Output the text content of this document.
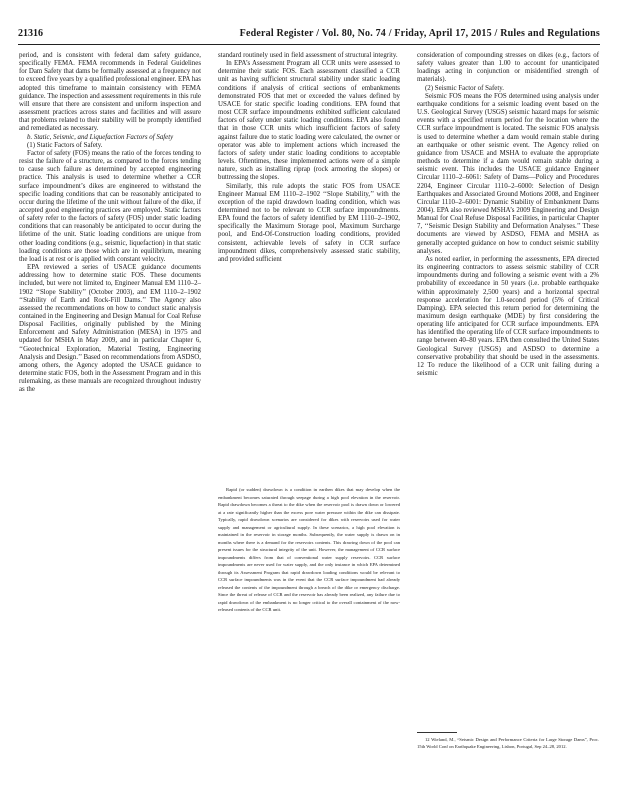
21316	Federal Register / Vol. 80, No. 74 / Friday, April 17, 2015 / Rules and Regulations

period, and is consistent with federal dam safety guidance, specifically FEMA. FEMA recommends in Federal Guidelines for Dam Safety that dams be formally assessed at a frequency not to exceed five years by a qualified professional engineer. EPA has adopted this timeframe to maintain consistency with FEMA guidance. The inspection and assessment requirements in this rule will ensure that there are consistent and uniform inspection and assessment practices across states and facilities and will assure that problems related to their stability will be promptly identified and remediated as necessary.

b. Static, Seismic, and Liquefaction Factors of Safety

(1) Static Factors of Safety.

Factor of safety (FOS) means the ratio of the forces tending to resist the failure of a structure, as compared to the forces tending to cause such failure as determined by accepted engineering practice. This analysis is used to determine whether a CCR surface impoundment’s dikes are engineered to withstand the specific loading conditions that can be reasonably anticipated to occur during the lifetime of the unit without failure of the dike, if accepted good engineering practices are employed. Static factors of safety refer to the factors of safety (FOS) under static loading conditions that can reasonably be anticipated to occur during the lifetime of the unit. Static loading conditions are unique from other loading conditions (e.g., seismic, liquefaction) in that static loading conditions are those which are in equilibrium, meaning the load is at rest or is applied with constant velocity.

EPA reviewed a series of USACE guidance documents addressing how to determine static FOS. These documents included, but were not limited to, Engineer Manual EM 1110–2–1902 ‘‘Slope Stability’’ (October 2003), and EM 1110–2–1902 ‘‘Stability of Earth and Rock-Fill Dams.’’ The Agency also assessed the recommendations on how to conduct static analysis contained in the Engineering and Design Manual for Coal Refuse Disposal Facilities, originally published by the Mining Enforcement and Safety Administration (MESA) in 1975 and updated for MSHA in May 2009, and in particular Chapter 6, ‘‘Geotechnical Exploration, Material Testing, Engineering Analysis and Design.’’ Based on recommendations from ASDSO, among others, the Agency adopted the USACE guidance to determine static FOS, both in the Assessment Program and in this rulemaking, as these manuals are recognized throughout industry as the

standard routinely used in field assessment of structural integrity.

In EPA’s Assessment Program all CCR units were assessed to determine their static FOS. Each assessment classified a CCR unit as having sufficient structural stability under static loading conditions if analysis of critical sections of embankments demonstrated FOS that met or exceeded the values defined by USACE for static specific loading conditions. EPA found that most CCR surface impoundments exhibited sufficient calculated factors of safety under static loading conditions. EPA also found that in those CCR units which insufficient factors of safety against failure due to static loading were calculated, the owner or operator was able to implement actions which increased the factors of safety under static loading conditions to acceptable levels. Oftentimes, these implemented actions were of a simple nature, such as installing riprap (rock armoring the slopes) or buttressing the slopes.

Similarly, this rule adopts the static FOS from USACE Engineer Manual EM 1110–2–1902 ‘‘Slope Stability,’’ with the exception of the rapid drawdown loading condition, which was determined not to be relevant to CCR surface impoundments. EPA found the factors of safety identified by EM 1110–2–1902, specifically the Maximum Storage pool, Maximum Surcharge pool, and End-Of-Construction loading conditions, provided consistent, achievable levels of safety in CCR surface impoundment dikes, comprehensively assessed static stability, and provided sufficient

Rapid (or sudden) drawdown is a condition in earthen dikes that may develop when the embankment becomes saturated through seepage during a high pool elevation in the reservoir. Rapid drawdown becomes a threat to the dike when the reservoir pool is drawn down or lowered at a rate significantly higher than the excess pore water pressure within the dike can dissipate. Typically, rapid drawdown scenarios are considered for dikes with reservoirs used for water supply and management or agricultural supply. In these scenarios, a high pool elevation is maintained in the reservoir in storage months. Subsequently, the water supply is drawn on in months where there is a demand for the reservoirs contents. This drawing down of the pool can present issues for the structural integrity of the unit. However, the management of CCR surface impoundments differs from that of conventional water supply reservoirs. CCR surface impoundments are never used for water supply, and the only instance in which EPA determined through its Assessment Program that rapid drawdown loading conditions would be relevant to CCR surface impoundments was in the event that the CCR surface impoundment had already released the contents of the impoundment through a breach of the dike or emergency discharge. Since the threat of release of CCR and the reservoir has already been realized, any failure due to rapid drawdown of the embankment is no longer critical to the overall containment of the now-released contents of the CCR unit.

consideration of compounding stresses on dikes (e.g., factors of safety values greater than 1.00 to account for unanticipated loadings acting in conjunction or misidentified strength of materials).

(2) Seismic Factor of Safety.

Seismic FOS means the FOS determined using analysis under earthquake conditions for a seismic loading event based on the U.S. Geological Survey (USGS) seismic hazard maps for seismic events with a specified return period for the location where the CCR surface impoundment is located. The seismic FOS analysis is used to determine whether a dam would remain stable during an earthquake or other seismic event. The Agency relied on guidance from USACE and MSHA to evaluate the appropriate methods to determine if a dam would remain stable during a seismic event. This includes the USACE guidance Engineer Circular 1110–2–6061: Safety of Dams—Policy and Procedures 2204, Engineer Circular 1110–2–6000: Selection of Design Earthquakes and Associated Ground Motions 2008, and Engineer Circular 1110–2–6001: Dynamic Stability of Embankment Dams 2004). EPA also reviewed MSHA’s 2009 Engineering and Design Manual for Coal Refuse Disposal Facilities, in particular Chapter 7, ‘‘Seismic Design Stability and Deformation Analyses.’’ These documents are viewed by ASDSO, FEMA and MSHA as generally accepted guidance on how to conduct seismic stability analyses.

As noted earlier, in performing the assessments, EPA directed its engineering contractors to assess seismic stability of CCR impoundments during and following a seismic event with a 2% probability of exceedance in 50 years (i.e. probable earthquake within approximately 2,500 years) and a horizontal spectral response acceleration for 1.0-second period (5% of Critical Damping). EPA selected this return period for determining the maximum design earthquake (MDE) by first considering the operating life anticipated for CCR surface impoundments. EPA has identified the operating life of CCR surface impoundments to range between 40–80 years. EPA then consulted the United States Geological Survey (USGS) and ASDSO to determine a conservative probability that should be used in the assessments. 12 To reduce the likelihood of a CCR unit failing during a seismic

12 Wieland, M., “Seismic Design and Performance Criteria for Large Storage Dams”, Proc. 15th World Conf on Earthquake Engineering, Lisbon, Portugal, Sep 24–28, 2012.
